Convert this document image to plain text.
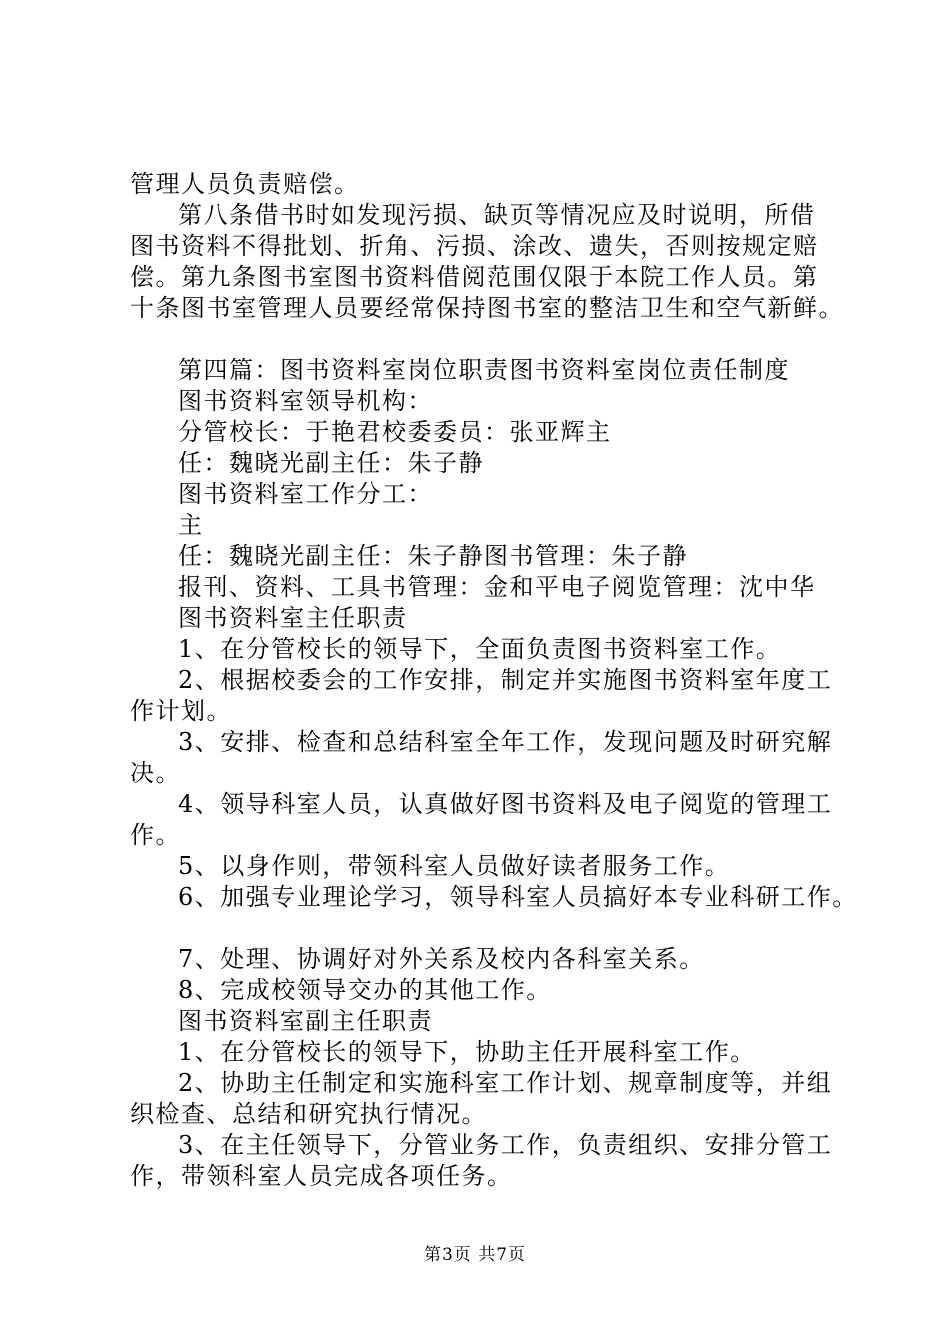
管理人员负责赔偿。
第八条借书时如发现污损、缺页等情况应及时说明，所借
图书资料不得批划、折角、污损、涂改、遗失，否则按规定赔
偿。第九条图书室图书资料借阅范围仅限于本院工作人员。第
十条图书室管理人员要经常保持图书室的整洁卫生和空气新鲜。
第四篇：图书资料室岗位职责图书资料室岗位责任制度
图书资料室领导机构：
分管校长：于艳君校委委员：张亚辉主
任：魏晓光副主任：朱子静
图书资料室工作分工：
主
任：魏晓光副主任：朱子静图书管理：朱子静
报刊、资料、工具书管理：金和平电子阅览管理：沈中华
图书资料室主任职责
1、在分管校长的领导下，全面负责图书资料室工作。
2、根据校委会的工作安排，制定并实施图书资料室年度工
作计划。
3、安排、检查和总结科室全年工作，发现问题及时研究解
决。
4、领导科室人员，认真做好图书资料及电子阅览的管理工
作。
5、以身作则，带领科室人员做好读者服务工作。
6、加强专业理论学习，领导科室人员搞好本专业科研工作。
7、处理、协调好对外关系及校内各科室关系。
8、完成校领导交办的其他工作。
图书资料室副主任职责
1、在分管校长的领导下，协助主任开展科室工作。
2、协助主任制定和实施科室工作计划、规章制度等，并组
织检查、总结和研究执行情况。
3、在主任领导下，分管业务工作，负责组织、安排分管工
作，带领科室人员完成各项任务。
第3页 共7页
